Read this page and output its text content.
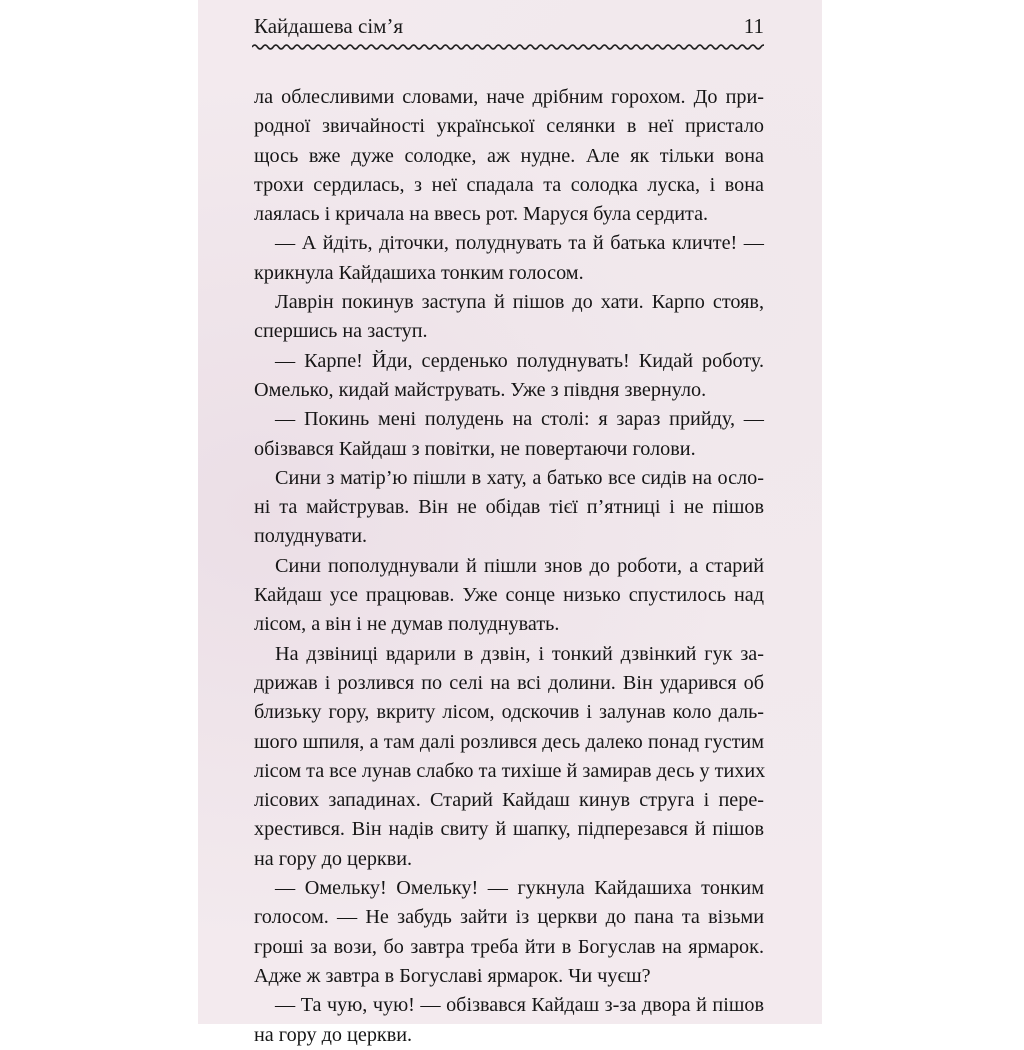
Кайдашева сім’я	11
ла облесливими словами, наче дрібним горохом. До при-
родної звичайності української селянки в неї пристало
щось вже дуже солодке, аж нудне. Але як тільки вона
трохи сердилась, з неї спадала та солодка луска, і вона
лаялась і кричала на ввесь рот. Маруся була сердита.
— А йдіть, діточки, полуднувать та й батька кличте! —
крикнула Кайдашиха тонким голосом.
Лаврін покинув заступа й пішов до хати. Карпо стояв,
спершись на заступ.
— Карпе! Йди, серденько полуднувать! Кидай роботу.
Омелько, кидай майструвать. Уже з півдня звернуло.
— Покинь мені полудень на столі: я зараз прийду, —
обізвався Кайдаш з повітки, не повертаючи голови.
Сини з матір’ю пішли в хату, а батько все сидів на осло-
ні та майстрував. Він не обідав тієї п’ятниці і не пішов
полуднувати.
Сини пополуднували й пішли знов до роботи, а старий
Кайдаш усе працював. Уже сонце низько спустилось над
лісом, а він і не думав полуднувать.
На дзвіниці вдарили в дзвін, і тонкий дзвінкий гук за-
дрижав і розлився по селі на всі долини. Він ударився об
близьку гору, вкриту лісом, одскочив і залунав коло даль-
шого шпиля, а там далі розлився десь далеко понад густим
лісом та все лунав слабко та тихіше й замирав десь у тихих
лісових западинах. Старий Кайдаш кинув струга і пере-
хрестився. Він надів свиту й шапку, підперезався й пішов
на гору до церкви.
— Омельку! Омельку! — гукнула Кайдашиха тонким
голосом. — Не забудь зайти із церкви до пана та візьми
гроші за вози, бо завтра треба йти в Богуслав на ярмарок.
Адже ж завтра в Богуславі ярмарок. Чи чуєш?
— Та чую, чую! — обізвався Кайдаш з-за двора й пішов
на гору до церкви.
